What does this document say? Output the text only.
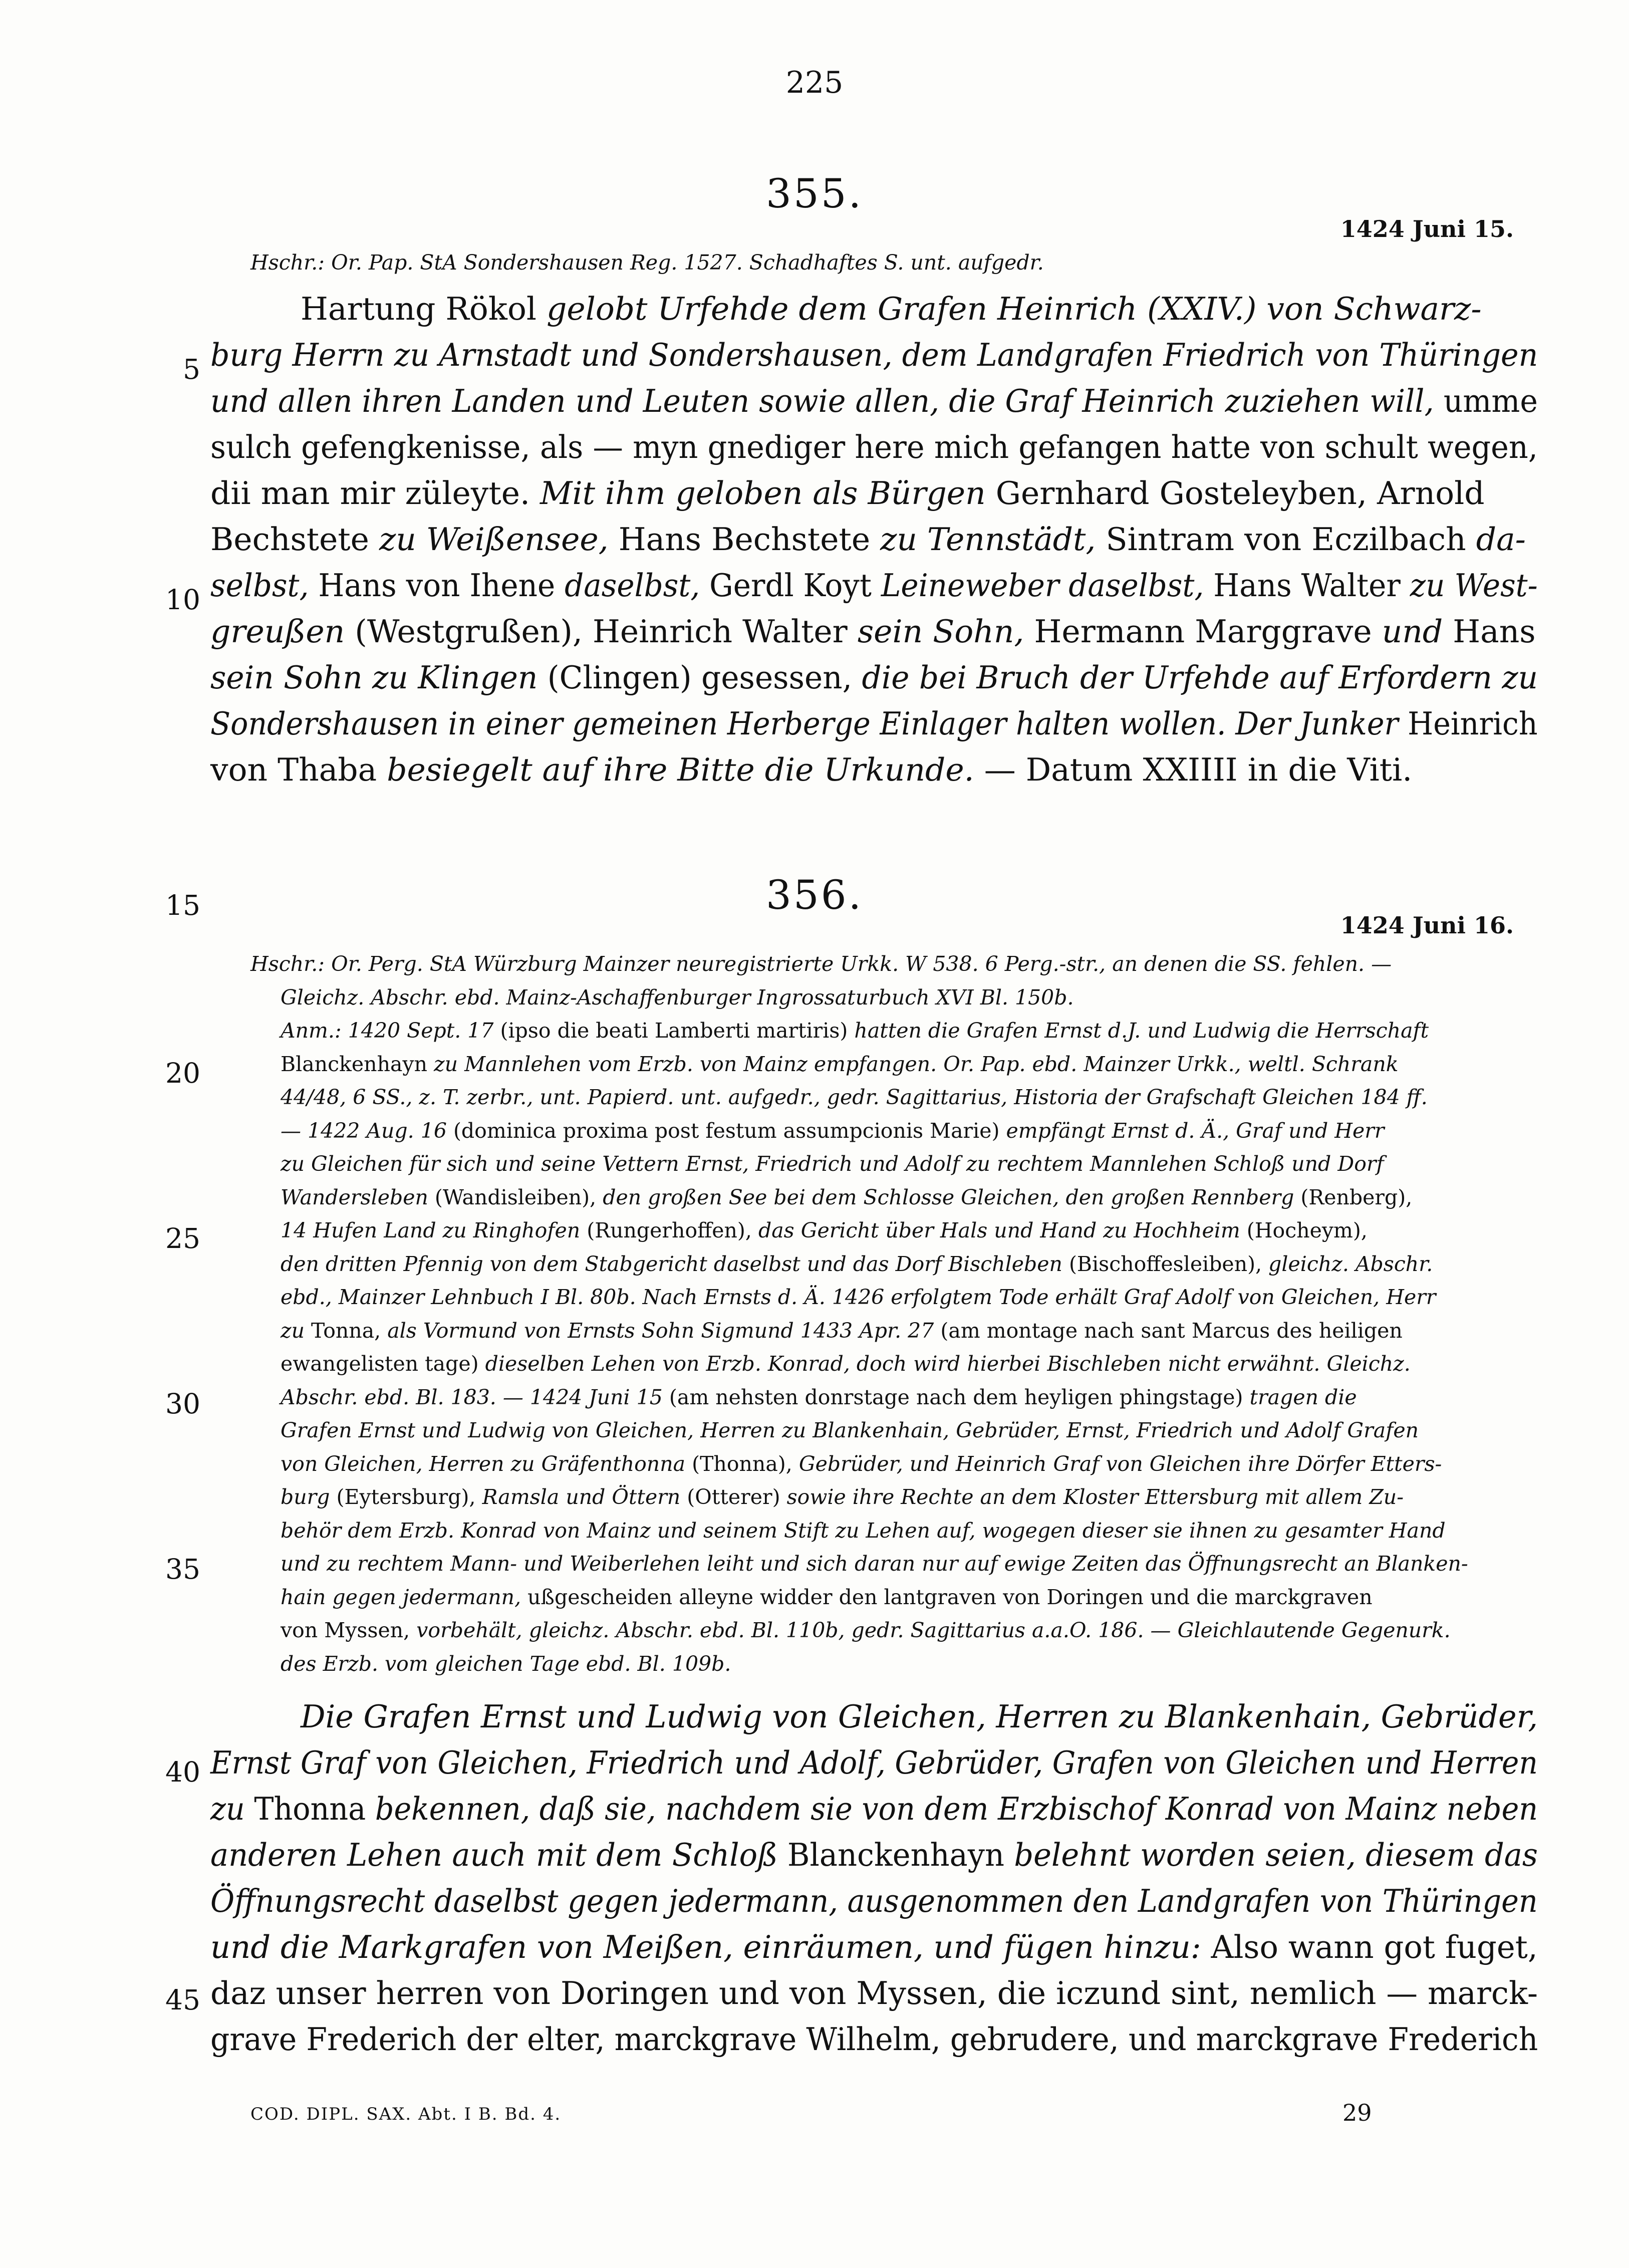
225
5
10
15
20
25
30
35
40
45
355.
1424 Juni 15.
Hschr.: Or. Pap. StA Sondershausen Reg. 1527. Schadhaftes S. unt. aufgedr.
Hartung Rökol gelobt Urfehde dem Grafen Heinrich (XXIV.) von Schwarz-
burg Herrn zu Arnstadt und Sondershausen, dem Landgrafen Friedrich von Thüringen
und allen ihren Landen und Leuten sowie allen, die Graf Heinrich zuziehen will, umme
sulch gefengkenisse, als — myn gnediger here mich gefangen hatte von schult wegen,
dii man mir züleyte. Mit ihm geloben als Bürgen Gernhard Gosteleyben, Arnold
Bechstete zu Weißensee, Hans Bechstete zu Tennstädt, Sintram von Eczilbach da-
selbst, Hans von Ihene daselbst, Gerdl Koyt Leineweber daselbst, Hans Walter zu West-
greußen (Westgrußen), Heinrich Walter sein Sohn, Hermann Marggrave und Hans
sein Sohn zu Klingen (Clingen) gesessen, die bei Bruch der Urfehde auf Erfordern zu
Sondershausen in einer gemeinen Herberge Einlager halten wollen. Der Junker Heinrich
von Thaba besiegelt auf ihre Bitte die Urkunde. — Datum XXIIII in die Viti.
356.
1424 Juni 16.
Hschr.: Or. Perg. StA Würzburg Mainzer neuregistrierte Urkk. W 538. 6 Perg.-str., an denen die SS. fehlen. —
Gleichz. Abschr. ebd. Mainz-Aschaffenburger Ingrossaturbuch XVI Bl. 150b.
Anm.: 1420 Sept. 17 (ipso die beati Lamberti martiris) hatten die Grafen Ernst d.J. und Ludwig die Herrschaft
Blanckenhayn zu Mannlehen vom Erzb. von Mainz empfangen. Or. Pap. ebd. Mainzer Urkk., weltl. Schrank
44/48, 6 SS., z. T. zerbr., unt. Papierd. unt. aufgedr., gedr. Sagittarius, Historia der Grafschaft Gleichen 184 ff.
— 1422 Aug. 16 (dominica proxima post festum assumpcionis Marie) empfängt Ernst d. Ä., Graf und Herr
zu Gleichen für sich und seine Vettern Ernst, Friedrich und Adolf zu rechtem Mannlehen Schloß und Dorf
Wandersleben (Wandisleiben), den großen See bei dem Schlosse Gleichen, den großen Rennberg (Renberg),
14 Hufen Land zu Ringhofen (Rungerhoffen), das Gericht über Hals und Hand zu Hochheim (Hocheym),
den dritten Pfennig von dem Stabgericht daselbst und das Dorf Bischleben (Bischoffesleiben), gleichz. Abschr.
ebd., Mainzer Lehnbuch I Bl. 80b. Nach Ernsts d. Ä. 1426 erfolgtem Tode erhält Graf Adolf von Gleichen, Herr
zu Tonna, als Vormund von Ernsts Sohn Sigmund 1433 Apr. 27 (am montage nach sant Marcus des heiligen
ewangelisten tage) dieselben Lehen von Erzb. Konrad, doch wird hierbei Bischleben nicht erwähnt. Gleichz.
Abschr. ebd. Bl. 183. — 1424 Juni 15 (am nehsten donrstage nach dem heyligen phingstage) tragen die
Grafen Ernst und Ludwig von Gleichen, Herren zu Blankenhain, Gebrüder, Ernst, Friedrich und Adolf Grafen
von Gleichen, Herren zu Gräfenthonna (Thonna), Gebrüder, und Heinrich Graf von Gleichen ihre Dörfer Etters-
burg (Eytersburg), Ramsla und Öttern (Otterer) sowie ihre Rechte an dem Kloster Ettersburg mit allem Zu-
behör dem Erzb. Konrad von Mainz und seinem Stift zu Lehen auf, wogegen dieser sie ihnen zu gesamter Hand
und zu rechtem Mann- und Weiberlehen leiht und sich daran nur auf ewige Zeiten das Öffnungsrecht an Blanken-
hain gegen jedermann, ußgescheiden alleyne widder den lantgraven von Doringen und die marckgraven
von Myssen, vorbehält, gleichz. Abschr. ebd. Bl. 110b, gedr. Sagittarius a.a.O. 186. — Gleichlautende Gegenurk.
des Erzb. vom gleichen Tage ebd. Bl. 109b.
Die Grafen Ernst und Ludwig von Gleichen, Herren zu Blankenhain, Gebrüder,
Ernst Graf von Gleichen, Friedrich und Adolf, Gebrüder, Grafen von Gleichen und Herren
zu Thonna bekennen, daß sie, nachdem sie von dem Erzbischof Konrad von Mainz neben
anderen Lehen auch mit dem Schloß Blanckenhayn belehnt worden seien, diesem das
Öffnungsrecht daselbst gegen jedermann, ausgenommen den Landgrafen von Thüringen
und die Markgrafen von Meißen, einräumen, und fügen hinzu: Also wann got fuget,
daz unser herren von Doringen und von Myssen, die iczund sint, nemlich — marck-
grave Frederich der elter, marckgrave Wilhelm, gebrudere, und marckgrave Frederich
COD. DIPL. SAX. Abt. I B. Bd. 4.	29
